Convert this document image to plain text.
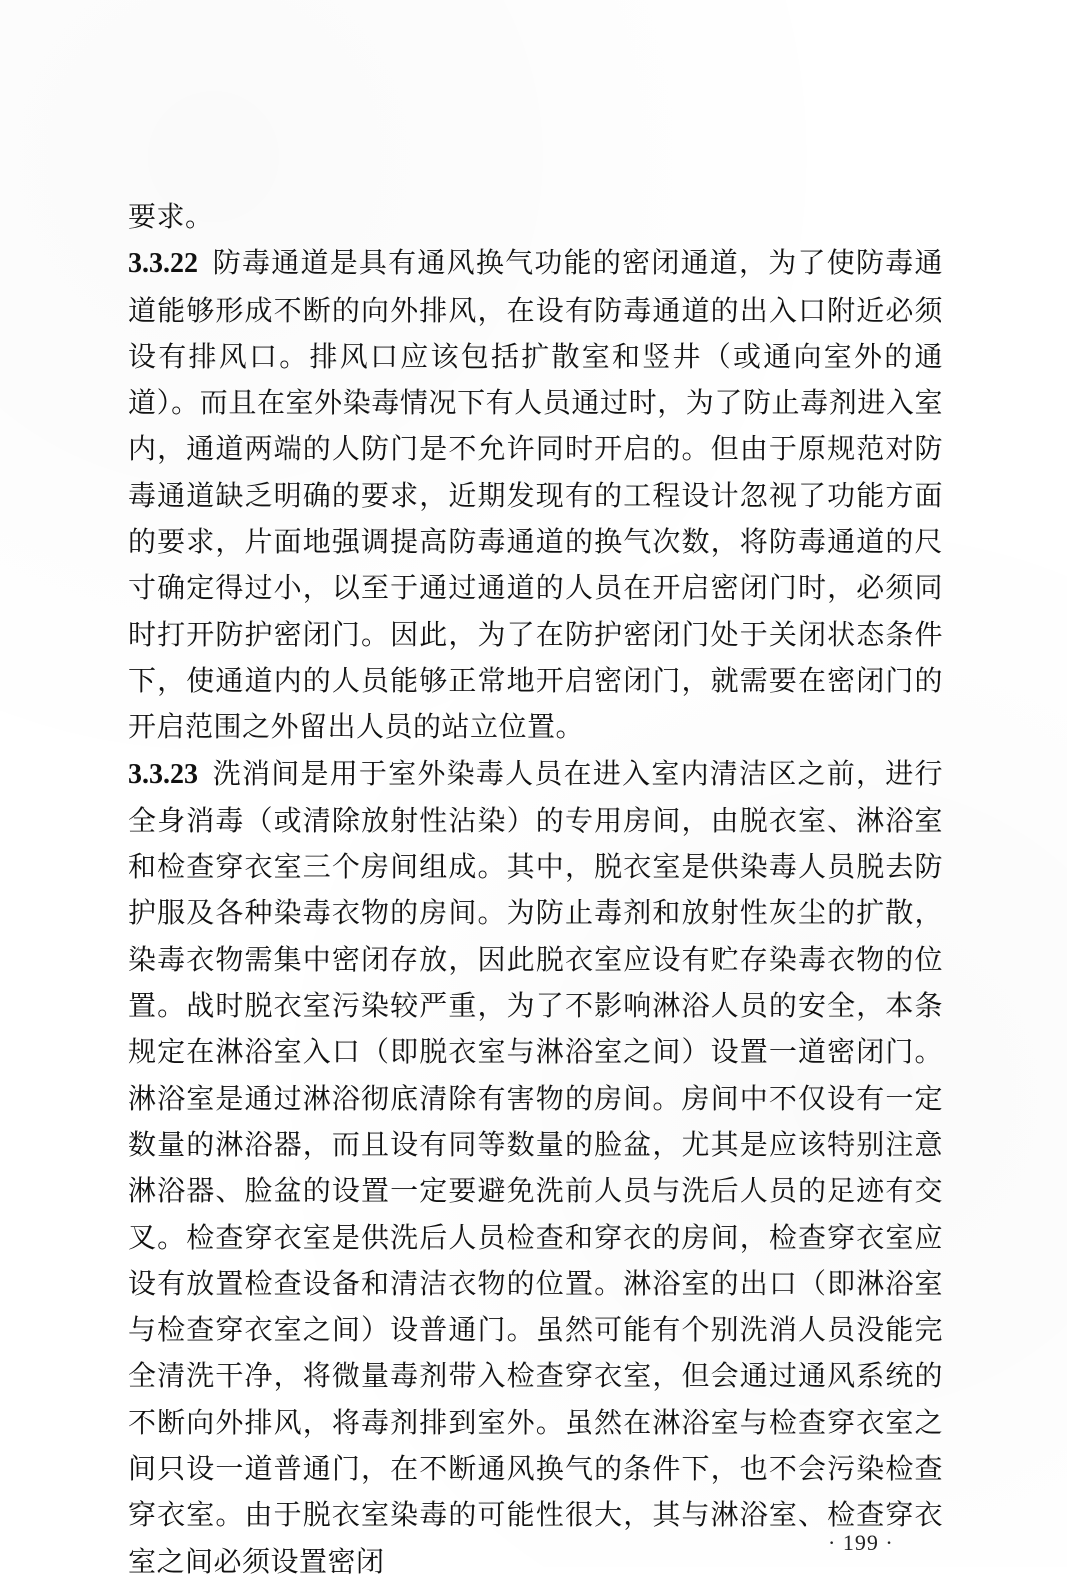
要求。

3.3.22 防毒通道是具有通风换气功能的密闭通道，为了使防毒通道能够形成不断的向外排风，在设有防毒通道的出入口附近必须设有排风口。排风口应该包括扩散室和竖井（或通向室外的通道）。而且在室外染毒情况下有人员通过时，为了防止毒剂进入室内，通道两端的人防门是不允许同时开启的。但由于原规范对防毒通道缺乏明确的要求，近期发现有的工程设计忽视了功能方面的要求，片面地强调提高防毒通道的换气次数，将防毒通道的尺寸确定得过小，以至于通过通道的人员在开启密闭门时，必须同时打开防护密闭门。因此，为了在防护密闭门处于关闭状态条件下，使通道内的人员能够正常地开启密闭门，就需要在密闭门的开启范围之外留出人员的站立位置。

3.3.23 洗消间是用于室外染毒人员在进入室内清洁区之前，进行全身消毒（或清除放射性沾染）的专用房间，由脱衣室、淋浴室和检查穿衣室三个房间组成。其中，脱衣室是供染毒人员脱去防护服及各种染毒衣物的房间。为防止毒剂和放射性灰尘的扩散，染毒衣物需集中密闭存放，因此脱衣室应设有贮存染毒衣物的位置。战时脱衣室污染较严重，为了不影响淋浴人员的安全，本条规定在淋浴室入口（即脱衣室与淋浴室之间）设置一道密闭门。淋浴室是通过淋浴彻底清除有害物的房间。房间中不仅设有一定数量的淋浴器，而且设有同等数量的脸盆，尤其是应该特别注意淋浴器、脸盆的设置一定要避免洗前人员与洗后人员的足迹有交叉。检查穿衣室是供洗后人员检查和穿衣的房间，检查穿衣室应设有放置检查设备和清洁衣物的位置。淋浴室的出口（即淋浴室与检查穿衣室之间）设普通门。虽然可能有个别洗消人员没能完全清洗干净，将微量毒剂带入检查穿衣室，但会通过通风系统的不断向外排风，将毒剂排到室外。虽然在淋浴室与检查穿衣室之间只设一道普通门，在不断通风换气的条件下，也不会污染检查穿衣室。由于脱衣室染毒的可能性很大，其与淋浴室、检查穿衣室之间必须设置密闭

· 199 ·
